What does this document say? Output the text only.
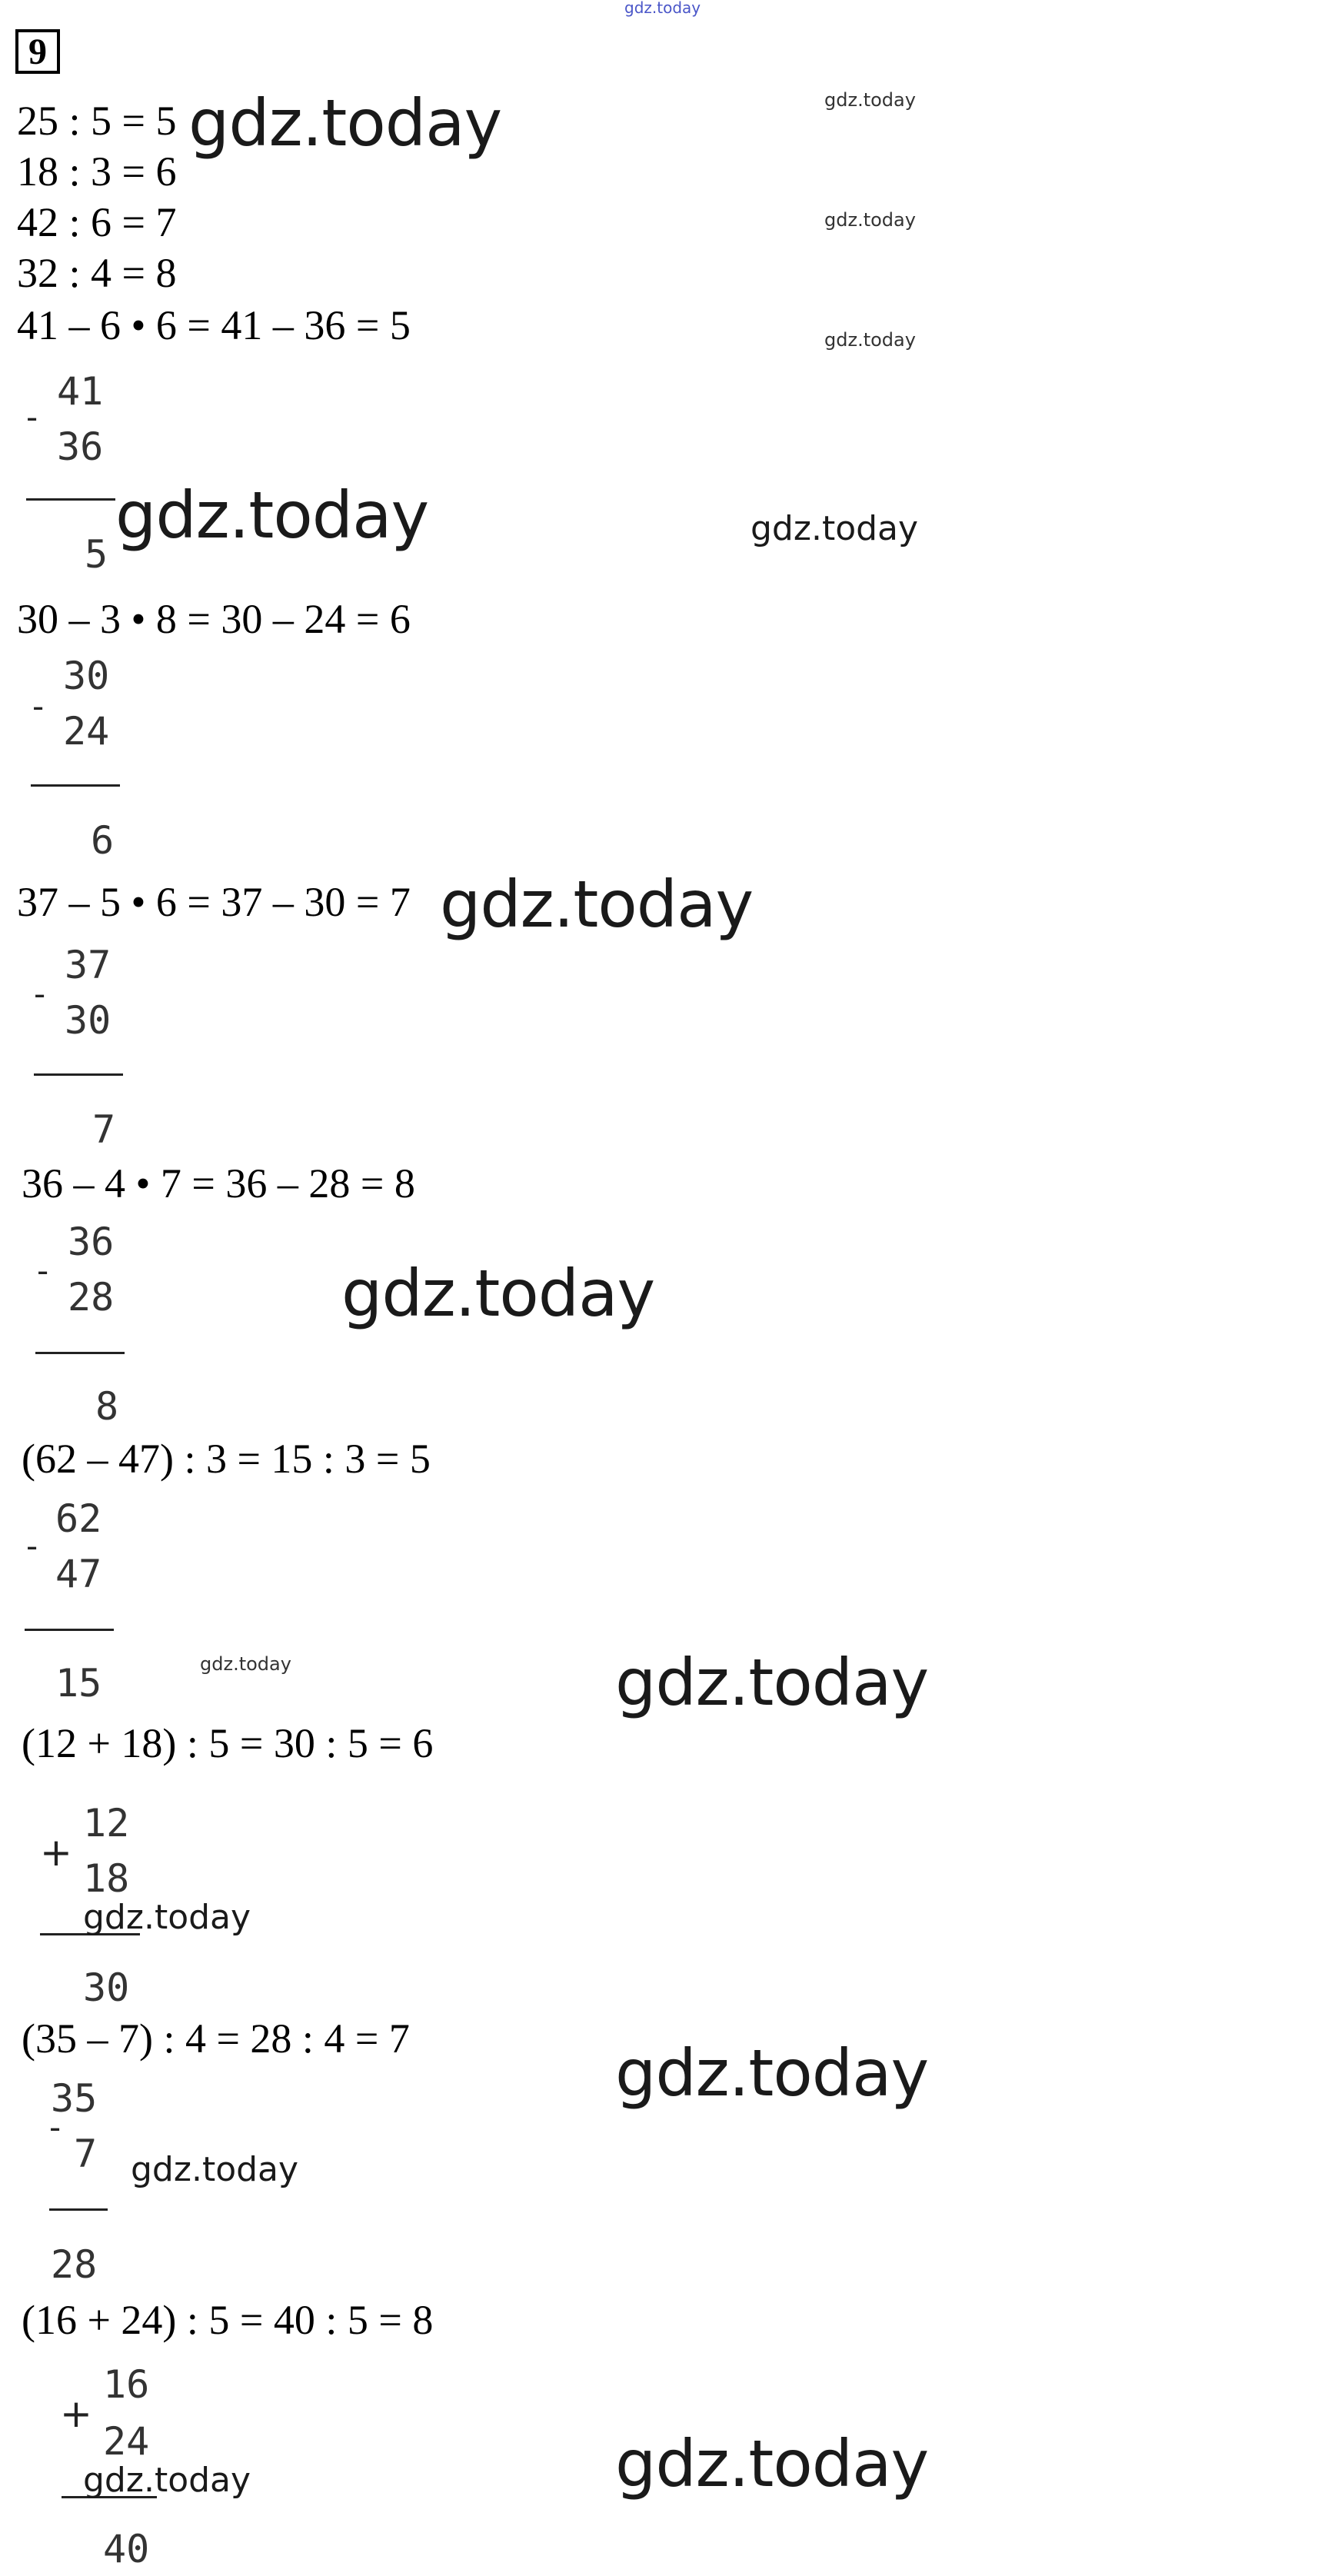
gdz.today
9
25 : 5 = 5 gdz.today	gdz.today
18 : 3 = 6
42 : 6 = 7	gdz.today
32 : 4 = 8
41 – 6 • 6 = 41 – 36 = 5	gdz.today
-
41
36
5
gdz.today	gdz.today
30 – 3 • 8 = 30 – 24 = 6
-
30
24
6
37 – 5 • 6 = 37 – 30 = 7 gdz.today
-
37
30
7
36 – 4 • 7 = 36 – 28 = 8
-
36
28
8
gdz.today
(62 – 47) : 3 = 15 : 3 = 5
-
62
47
15	gdz.today	gdz.today
(12 + 18) : 5 = 30 : 5 = 6
+
12
18
30
gdz.today
(35 – 7) : 4 = 28 : 4 = 7	gdz.today
35
-
7
28
gdz.today
(16 + 24) : 5 = 40 : 5 = 8
+
16
24
40
gdz.today	gdz.today
